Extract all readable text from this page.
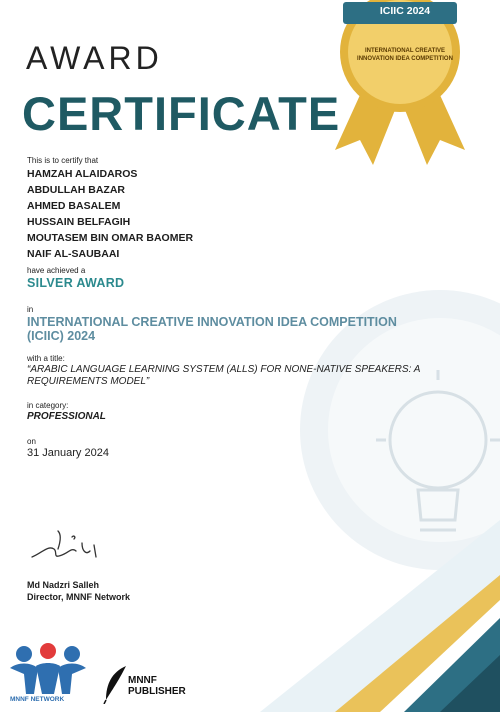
ICIIC 2024

INTERNATIONAL CREATIVE INNOVATION IDEA COMPETITION

AWARD
CERTIFICATE

This is to certify that

HAMZAH ALAIDAROS

ABDULLAH BAZAR

AHMED BASALEM

HUSSAIN BELFAGIH

MOUTASEM BIN OMAR BAOMER

NAIF AL-SAUBAAI

have achieved a

SILVER AWARD

in

INTERNATIONAL CREATIVE INNOVATION IDEA COMPETITION (ICIIC) 2024

with a title:

“ARABIC LANGUAGE LEARNING SYSTEM (ALLS) FOR NONE-NATIVE SPEAKERS: A REQUIREMENTS MODEL”

in category:

PROFESSIONAL

on

31 January 2024

Md Nadzri Salleh

Director, MNNF Network

MNNF NETWORK

MNNF PUBLISHER
